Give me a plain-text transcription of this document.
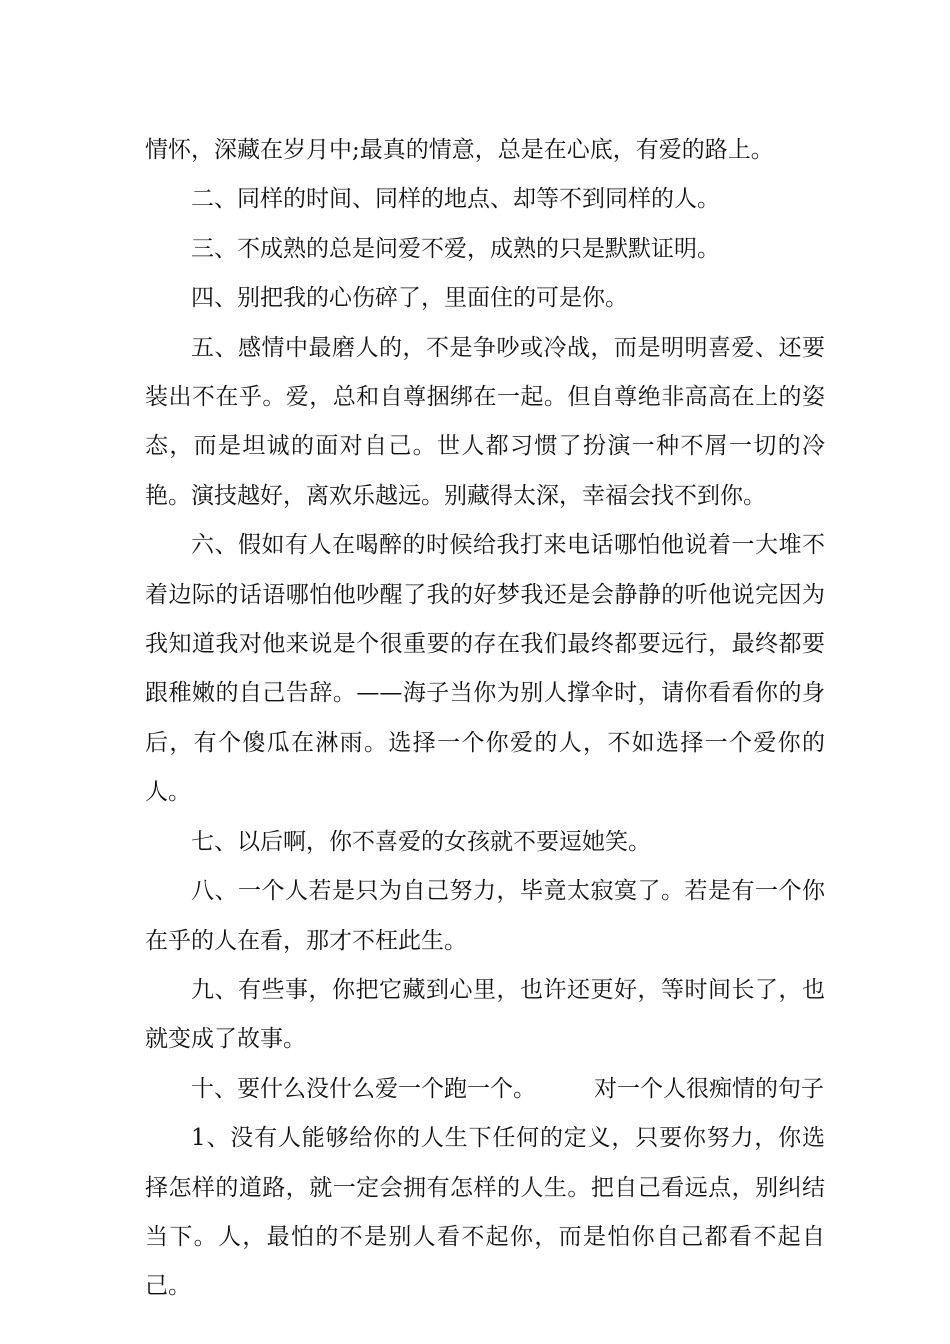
情怀，深藏在岁月中;最真的情意，总是在心底，有爱的路上。

二、同样的时间、同样的地点、却等不到同样的人。

三、不成熟的总是问爱不爱，成熟的只是默默证明。

四、别把我的心伤碎了，里面住的可是你。

五、感情中最磨人的，不是争吵或冷战，而是明明喜爱、还要装出不在乎。爱，总和自尊捆绑在一起。但自尊绝非高高在上的姿态，而是坦诚的面对自己。世人都习惯了扮演一种不屑一切的冷艳。演技越好，离欢乐越远。别藏得太深，幸福会找不到你。

六、假如有人在喝醉的时候给我打来电话哪怕他说着一大堆不着边际的话语哪怕他吵醒了我的好梦我还是会静静的听他说完因为我知道我对他来说是个很重要的存在我们最终都要远行，最终都要跟稚嫩的自己告辞。——海子当你为别人撑伞时，请你看看你的身后，有个傻瓜在淋雨。选择一个你爱的人，不如选择一个爱你的人。

七、以后啊，你不喜爱的女孩就不要逗她笑。

八、一个人若是只为自己努力，毕竟太寂寞了。若是有一个你在乎的人在看，那才不枉此生。

九、有些事，你把它藏到心里，也许还更好，等时间长了，也就变成了故事。

十、要什么没什么爱一个跑一个。	对一个人很痴情的句子

1、没有人能够给你的人生下任何的定义，只要你努力，你选择怎样的道路，就一定会拥有怎样的人生。把自己看远点，别纠结当下。人，最怕的不是别人看不起你，而是怕你自己都看不起自己。
